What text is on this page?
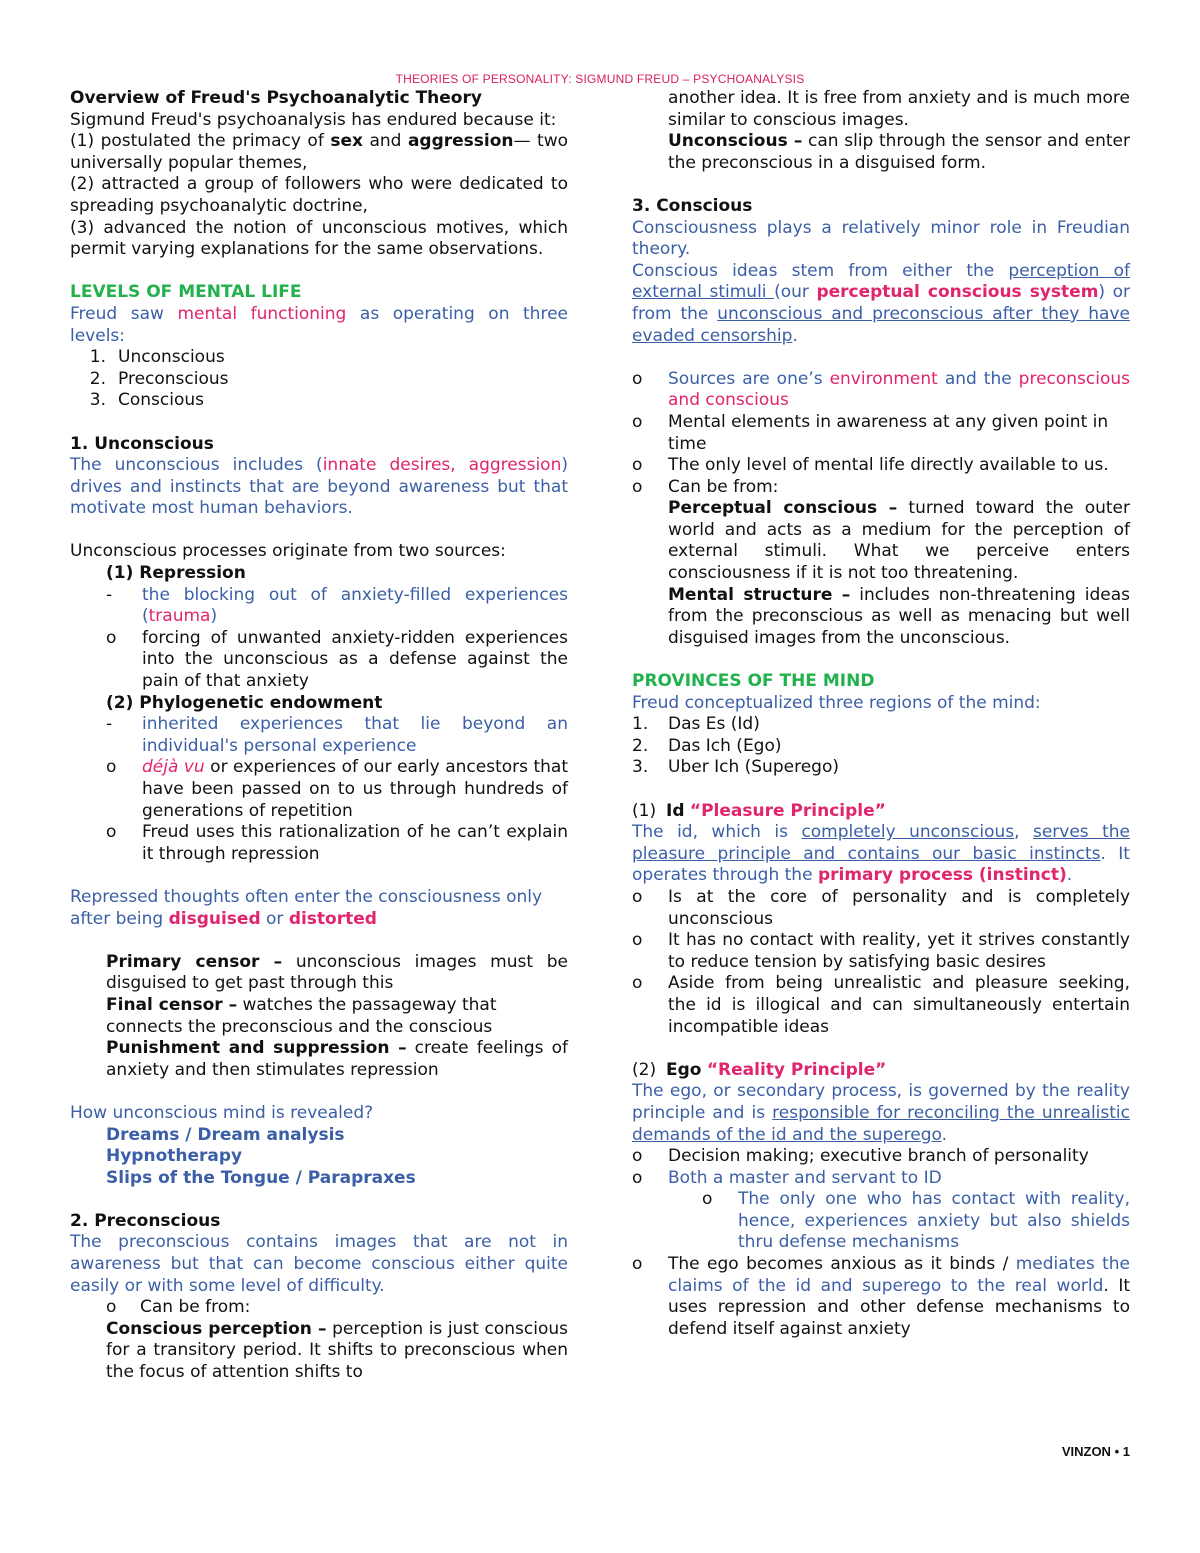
THEORIES OF PERSONALITY: SIGMUND FREUD – PSYCHOANALYSIS

Overview of Freud's Psychoanalytic Theory

Sigmund Freud's psychoanalysis has endured because it:

(1) postulated the primacy of sex and aggression— two universally popular themes,

(2) attracted a group of followers who were dedicated to spreading psychoanalytic doctrine,

(3) advanced the notion of unconscious motives, which permit varying explanations for the same observations.

LEVELS OF MENTAL LIFE

Freud saw mental functioning as operating on three levels:

1. Unconscious
2. Preconscious
3. Conscious

1. Unconscious

The unconscious includes (innate desires, aggression) drives and instincts that are beyond awareness but that motivate most human behaviors.

Unconscious processes originate from two sources:

(1) Repression

-	the blocking out of anxiety-filled experiences (trauma)
o	forcing of unwanted anxiety-ridden experiences into the unconscious as a defense against the pain of that anxiety

(2) Phylogenetic endowment

-	inherited experiences that lie beyond an individual's personal experience
o	déjà vu or experiences of our early ancestors that have been passed on to us through hundreds of generations of repetition
o	Freud uses this rationalization of he can’t explain it through repression

Repressed thoughts often enter the consciousness only after being disguised or distorted

Primary censor – unconscious images must be disguised to get past through this

Final censor – watches the passageway that connects the preconscious and the conscious

Punishment and suppression – create feelings of anxiety and then stimulates repression

How unconscious mind is revealed?

Dreams / Dream analysis

Hypnotherapy

Slips of the Tongue / Parapraxes

2. Preconscious

The preconscious contains images that are not in awareness but that can become conscious either quite easily or with some level of difficulty.

o	Can be from:

Conscious perception – perception is just conscious for a transitory period. It shifts to preconscious when the focus of attention shifts to

another idea. It is free from anxiety and is much more similar to conscious images.

Unconscious – can slip through the sensor and enter the preconscious in a disguised form.

3. Conscious

Consciousness plays a relatively minor role in Freudian theory.

Conscious ideas stem from either the perception of external stimuli (our perceptual conscious system) or from the unconscious and preconscious after they have evaded censorship.

o	Sources are one’s environment and the preconscious and conscious
o	Mental elements in awareness at any given point in time
o	The only level of mental life directly available to us.
o	Can be from:

Perceptual conscious – turned toward the outer world and acts as a medium for the perception of external stimuli. What we perceive enters consciousness if it is not too threatening.

Mental structure – includes non-threatening ideas from the preconscious as well as menacing but well disguised images from the unconscious.

PROVINCES OF THE MIND

Freud conceptualized three regions of the mind:

1.	Das Es (Id)
2.	Das Ich (Ego)
3.	Uber Ich (Superego)
(1) Id “Pleasure Principle”

The id, which is completely unconscious, serves the pleasure principle and contains our basic instincts. It operates through the primary process (instinct).

o	Is at the core of personality and is completely unconscious
o	It has no contact with reality, yet it strives constantly to reduce tension by satisfying basic desires
o	Aside from being unrealistic and pleasure seeking, the id is illogical and can simultaneously entertain incompatible ideas
(2) Ego “Reality Principle”

The ego, or secondary process, is governed by the reality principle and is responsible for reconciling the unrealistic demands of the id and the superego.

o	Decision making; executive branch of personality
o	Both a master and servant to ID
o	The only one who has contact with reality, hence, experiences anxiety but also shields thru defense mechanisms
o	The ego becomes anxious as it binds / mediates the claims of the id and superego to the real world. It uses repression and other defense mechanisms to defend itself against anxiety
VINZON • 1
